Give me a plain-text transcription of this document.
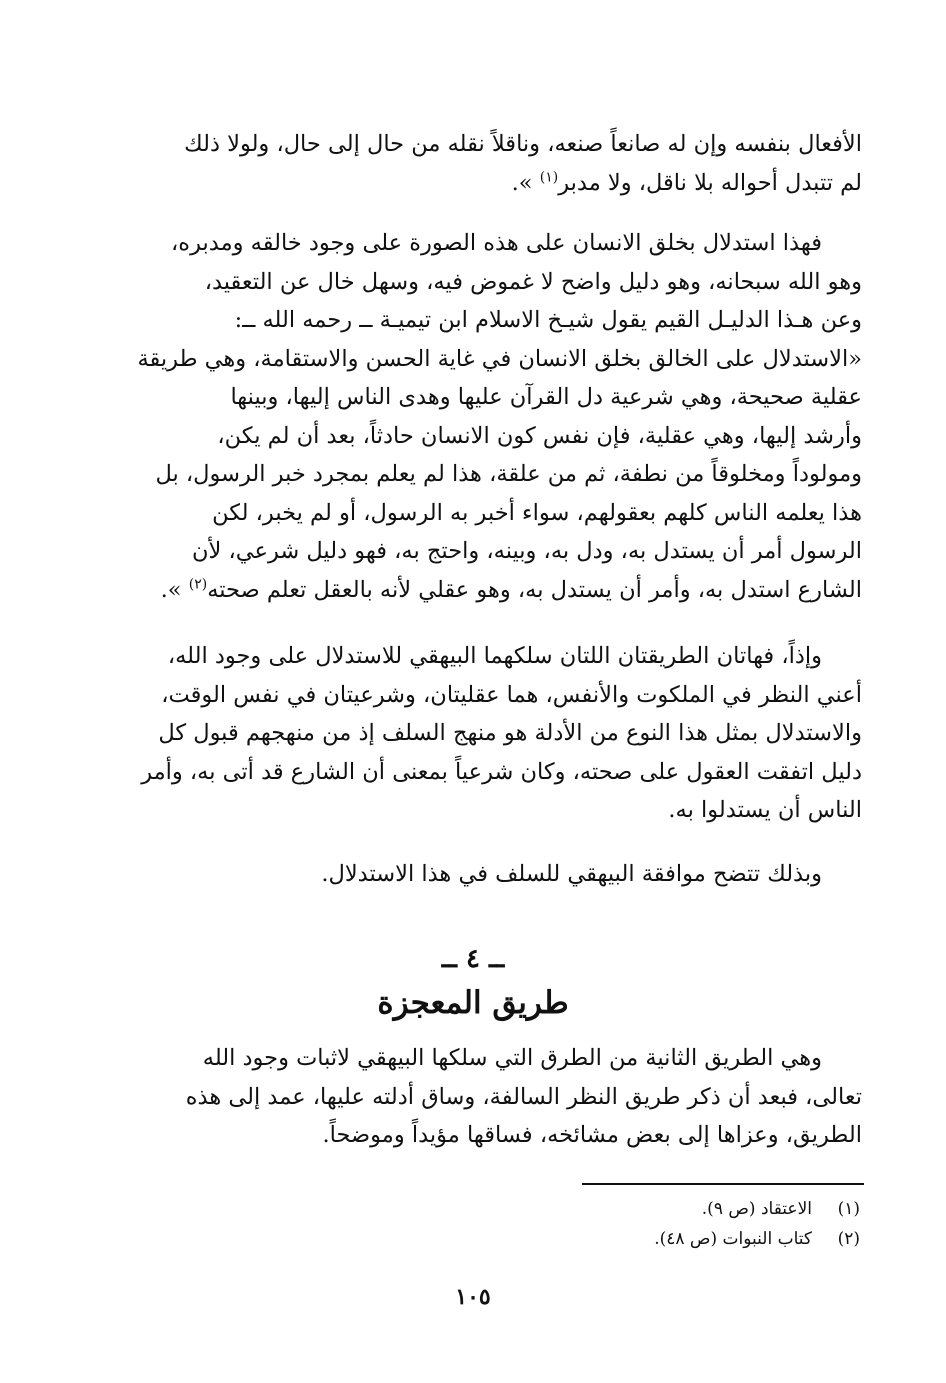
الأفعال بنفسه وإن له صانعاً صنعه، وناقلاً نقله من حال إلى حال، ولولا ذلك
لم تتبدل أحواله بلا ناقل، ولا مدبر$^{(١)}$ ».

فهذا استدلال بخلق الانسان على هذه الصورة على وجود خالقه ومدبره،
وهو الله سبحانه، وهو دليل واضح لا غموض فيه، وسهل خال عن التعقيد،
وعن هـذا الدليـل القيم يقول شيـخ الاسلام ابن تيميـة ــ رحمه الله ــ:
«الاستدلال على الخالق بخلق الانسان في غاية الحسن والاستقامة، وهي طريقة
عقلية صحيحة، وهي شرعية دل القرآن عليها وهدى الناس إليها، وبينها
وأرشد إليها، وهي عقلية، فإن نفس كون الانسان حادثاً، بعد أن لم يكن،
ومولوداً ومخلوقاً من نطفة، ثم من علقة، هذا لم يعلم بمجرد خبر الرسول، بل
هذا يعلمه الناس كلهم بعقولهم، سواء أخبر به الرسول، أو لم يخبر، لكن
الرسول أمر أن يستدل به، ودل به، وبينه، واحتج به، فهو دليل شرعي، لأن
الشارع استدل به، وأمر أن يستدل به، وهو عقلي لأنه بالعقل تعلم صحته$^{(٢)}$ ».

وإذاً، فهاتان الطريقتان اللتان سلكهما البيهقي للاستدلال على وجود الله،
أعني النظر في الملكوت والأنفس، هما عقليتان، وشرعيتان في نفس الوقت،
والاستدلال بمثل هذا النوع من الأدلة هو منهج السلف إذ من منهجهم قبول كل
دليل اتفقت العقول على صحته، وكان شرعياً بمعنى أن الشارع قد أتى به، وأمر
الناس أن يستدلوا به.

وبذلك تتضح موافقة البيهقي للسلف في هذا الاستدلال.

ــ ٤ ــ
طريق المعجزة

وهي الطريق الثانية من الطرق التي سلكها البيهقي لاثبات وجود الله
تعالى، فبعد أن ذكر طريق النظر السالفة، وساق أدلته عليها، عمد إلى هذه
الطريق، وعزاها إلى بعض مشائخه، فساقها مؤيداً وموضحاً.

(١)الاعتقاد (ص ٩).
(٢)كتاب النبوات (ص ٤٨).
١٠٥
